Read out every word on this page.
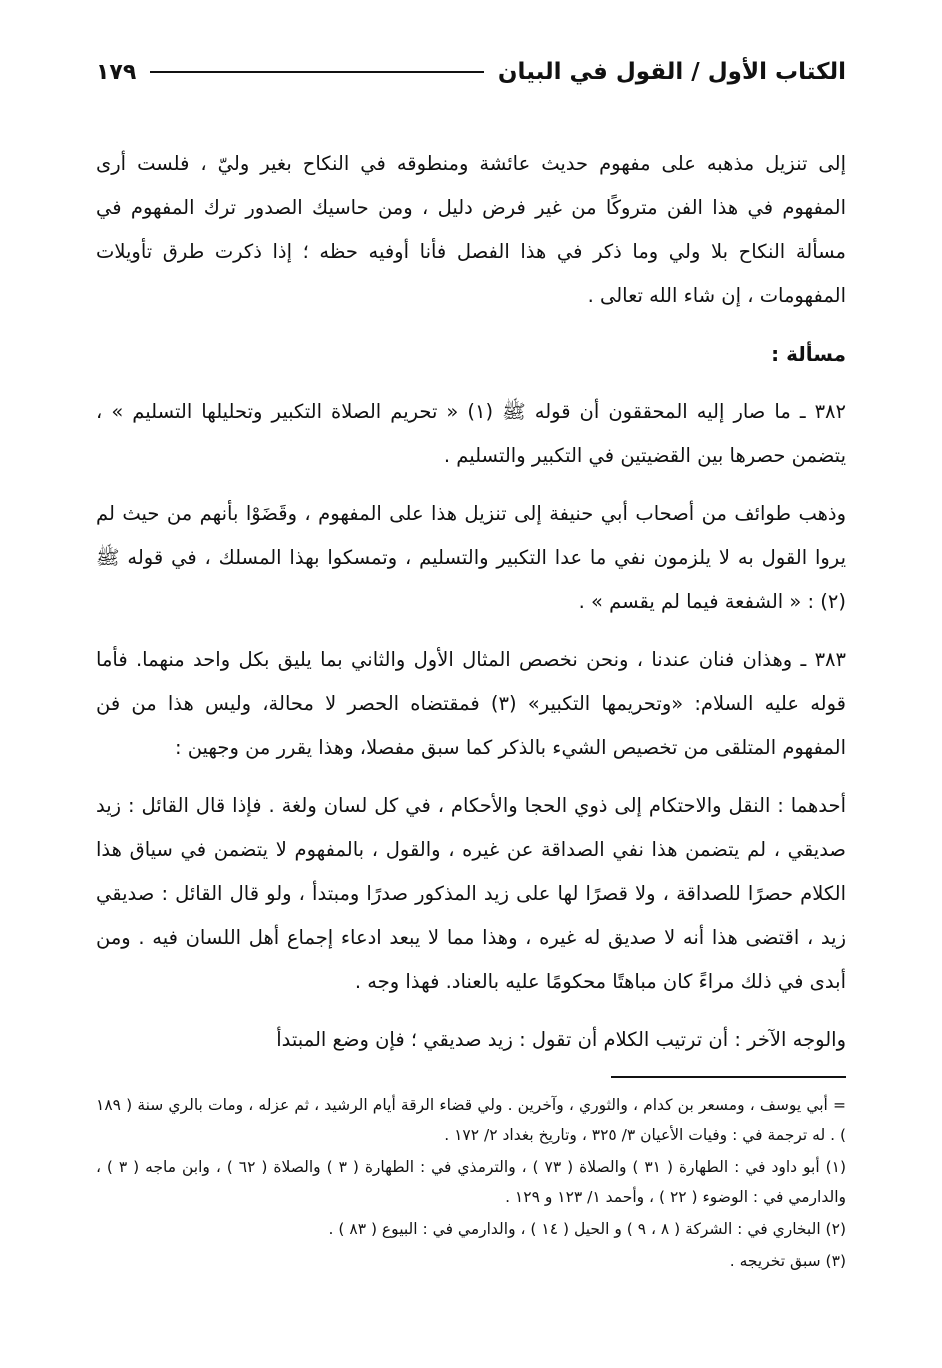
الكتاب الأول / القول في البيان
١٧٩

إلى تنزيل مذهبه على مفهوم حديث عائشة ومنطوقه في النكاح بغير وليّ ، فلست أرى المفهوم في هذا الفن متروكًا من غير فرض دليل ، ومن حاسيك الصدور ترك المفهوم في مسألة النكاح بلا ولي وما ذكر في هذا الفصل فأنا أوفيه حظه ؛ إذا ذكرت طرق تأويلات المفهومات ، إن شاء الله تعالى .

مسألة :

٣٨٢ ـ ما صار إليه المحققون أن قوله ﷺ (١) « تحريم الصلاة التكبير وتحليلها التسليم » ، يتضمن حصرها بين القضيتين في التكبير والتسليم .

وذهب طوائف من أصحاب أبي حنيفة إلى تنزيل هذا على المفهوم ، وقَضَوْا بأنهم من حيث لم يروا القول به لا يلزمون نفي ما عدا التكبير والتسليم ، وتمسكوا بهذا المسلك ، في قوله ﷺ (٢) : « الشفعة فيما لم يقسم » .

٣٨٣ ـ وهذان فنان عندنا ، ونحن نخصص المثال الأول والثاني بما يليق بكل واحد منهما. فأما قوله عليه السلام: «وتحريمها التكبير» (٣) فمقتضاه الحصر لا محالة، وليس هذا من فن المفهوم المتلقى من تخصيص الشيء بالذكر كما سبق مفصلا، وهذا يقرر من وجهين :

أحدهما : النقل والاحتكام إلى ذوي الحجا والأحكام ، في كل لسان ولغة . فإذا قال القائل : زيد صديقي ، لم يتضمن هذا نفي الصداقة عن غيره ، والقول ، بالمفهوم لا يتضمن في سياق هذا الكلام حصرًا للصداقة ، ولا قصرًا لها على زيد المذكور صدرًا ومبتدأ ، ولو قال القائل : صديقي زيد ، اقتضى هذا أنه لا صديق له غيره ، وهذا مما لا يبعد ادعاء إجماع أهل اللسان فيه . ومن أبدى في ذلك مراءً كان مباهتًا محكومًا عليه بالعناد. فهذا وجه .

والوجه الآخر : أن ترتيب الكلام أن تقول : زيد صديقي ؛ فإن وضع المبتدأ

= أبي يوسف ، ومسعر بن كدام ، والثوري ، وآخرين . ولي قضاء الرقة أيام الرشيد ، ثم عزله ، ومات بالري سنة ( ١٨٩ ) . له ترجمة في : وفيات الأعيان ٣/ ٣٢٥ ، وتاريخ بغداد ٢/ ١٧٢ .

(١) أبو داود في : الطهارة ( ٣١ ) والصلاة ( ٧٣ ) ، والترمذي في : الطهارة ( ٣ ) والصلاة ( ٦٢ ) ، وابن ماجه ( ٣ ) ، والدارمي في : الوضوء ( ٢٢ ) ، وأحمد ١/ ١٢٣ و ١٢٩ .

(٢) البخاري في : الشركة ( ٨ ، ٩ ) و الحيل ( ١٤ ) ، والدارمي في : البيوع ( ٨٣ ) .

(٣) سبق تخريجه .
